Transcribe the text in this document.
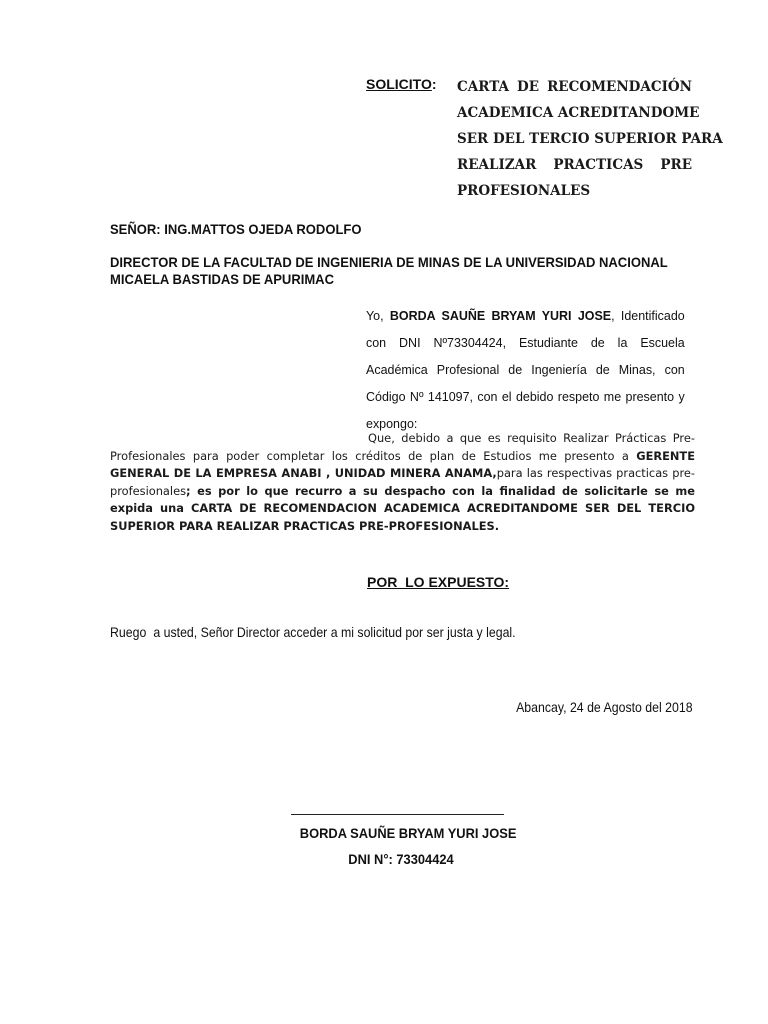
SOLICITO: CARTA DE RECOMENDACIÓN
ACADEMICA ACREDITANDOME
SER DEL TERCIO SUPERIOR PARA
REALIZAR PRACTICAS PRE
PROFESIONALES
SEÑOR: ING.MATTOS OJEDA RODOLFO
DIRECTOR DE LA FACULTAD DE INGENIERIA DE MINAS DE LA UNIVERSIDAD NACIONAL
MICAELA BASTIDAS DE APURIMAC
Yo, BORDA SAUÑE BRYAM YURI JOSE, Identificado con DNI Nº73304424, Estudiante de la Escuela Académica Profesional de Ingeniería de Minas, con Código Nº 141097, con el debido respeto me presento y expongo:
Que, debido a que es requisito Realizar Prácticas Pre-Profesionales para poder completar los créditos de plan de Estudios me presento a GERENTE GENERAL DE LA EMPRESA ANABI , UNIDAD MINERA ANAMA,para las respectivas practicas pre-profesionales; es por lo que recurro a su despacho con la finalidad de solicitarle se me expida una CARTA DE RECOMENDACION ACADEMICA ACREDITANDOME SER DEL TERCIO SUPERIOR PARA REALIZAR PRACTICAS PRE-PROFESIONALES.
POR  LO EXPUESTO:
Ruego a usted, Señor Director acceder a mi solicitud por ser justa y legal.
Abancay, 24 de Agosto del 2018
BORDA SAUÑE BRYAM YURI JOSE
DNI N°: 73304424
